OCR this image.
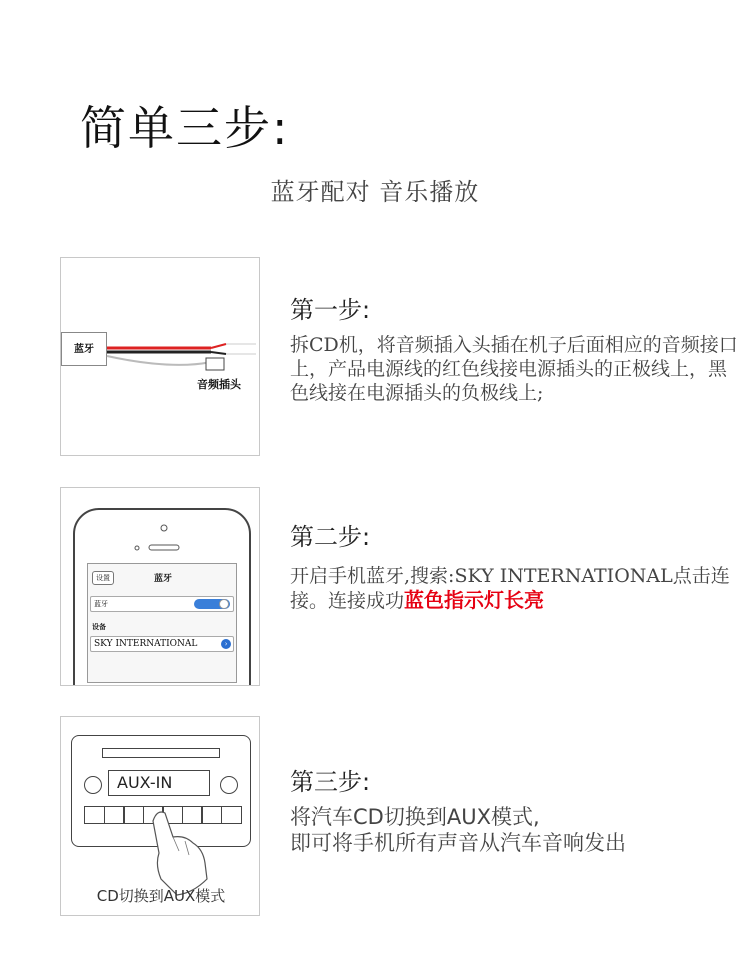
简单三步:
蓝牙配对 音乐播放
蓝牙
音频插头
第一步:
拆CD机，将音频插入头插在机子后面相应的音频接口上，产品电源线的红色线接电源插头的正极线上，黑色线接在电源插头的负极线上;
设置	蓝牙
蓝牙
设备
SKY INTERNATIONAL	›
第二步:
开启手机蓝牙,搜索:SKY INTERNATIONAL点击连接。连接成功蓝色指示灯长亮
AUX-IN
CD切换到AUX模式
第三步:
将汽车CD切换到AUX模式,
即可将手机所有声音从汽车音响发出
